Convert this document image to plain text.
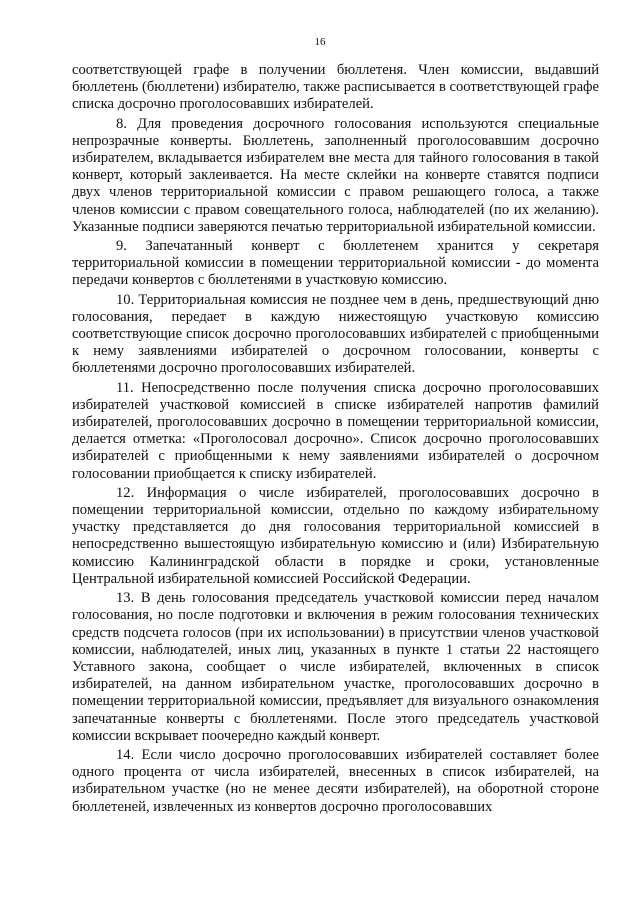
16

соответствующей графе в получении бюллетеня. Член комиссии, выдавший бюллетень (бюллетени) избирателю, также расписывается в соответствующей графе списка досрочно проголосовавших избирателей.

8. Для проведения досрочного голосования используются специальные непрозрачные конверты. Бюллетень, заполненный проголосовавшим досрочно избирателем, вкладывается избирателем вне места для тайного голосования в такой конверт, который заклеивается. На месте склейки на конверте ставятся подписи двух членов территориальной комиссии с правом решающего голоса, а также членов комиссии с правом совещательного голоса, наблюдателей (по их желанию). Указанные подписи заверяются печатью территориальной избирательной комиссии.

9. Запечатанный конверт с бюллетенем хранится у секретаря территориальной комиссии в помещении территориальной комиссии - до момента передачи конвертов с бюллетенями в участковую комиссию.

10. Территориальная комиссия не позднее чем в день, предшествующий дню голосования, передает в каждую нижестоящую участковую комиссию соответствующие список досрочно проголосовавших избирателей с приобщенными к нему заявлениями избирателей о досрочном голосовании, конверты с бюллетенями досрочно проголосовавших избирателей.

11. Непосредственно после получения списка досрочно проголосовавших избирателей участковой комиссией в списке избирателей напротив фамилий избирателей, проголосовавших досрочно в помещении территориальной комиссии, делается отметка: «Проголосовал досрочно». Список досрочно проголосовавших избирателей с приобщенными к нему заявлениями избирателей о досрочном голосовании приобщается к списку избирателей.

12. Информация о числе избирателей, проголосовавших досрочно в помещении территориальной комиссии, отдельно по каждому избирательному участку представляется до дня голосования территориальной комиссией в непосредственно вышестоящую избирательную комиссию и (или) Избирательную комиссию Калининградской области в порядке и сроки, установленные Центральной избирательной комиссией Российской Федерации.

13. В день голосования председатель участковой комиссии перед началом голосования, но после подготовки и включения в режим голосования технических средств подсчета голосов (при их использовании) в присутствии членов участковой комиссии, наблюдателей, иных лиц, указанных в пункте 1 статьи 22 настоящего Уставного закона, сообщает о числе избирателей, включенных в список избирателей, на данном избирательном участке, проголосовавших досрочно в помещении территориальной комиссии, предъявляет для визуального ознакомления запечатанные конверты с бюллетенями. После этого председатель участковой комиссии вскрывает поочередно каждый конверт.

14. Если число досрочно проголосовавших избирателей составляет более одного процента от числа избирателей, внесенных в список избирателей, на избирательном участке (но не менее десяти избирателей), на оборотной стороне бюллетеней, извлеченных из конвертов досрочно проголосовавших
